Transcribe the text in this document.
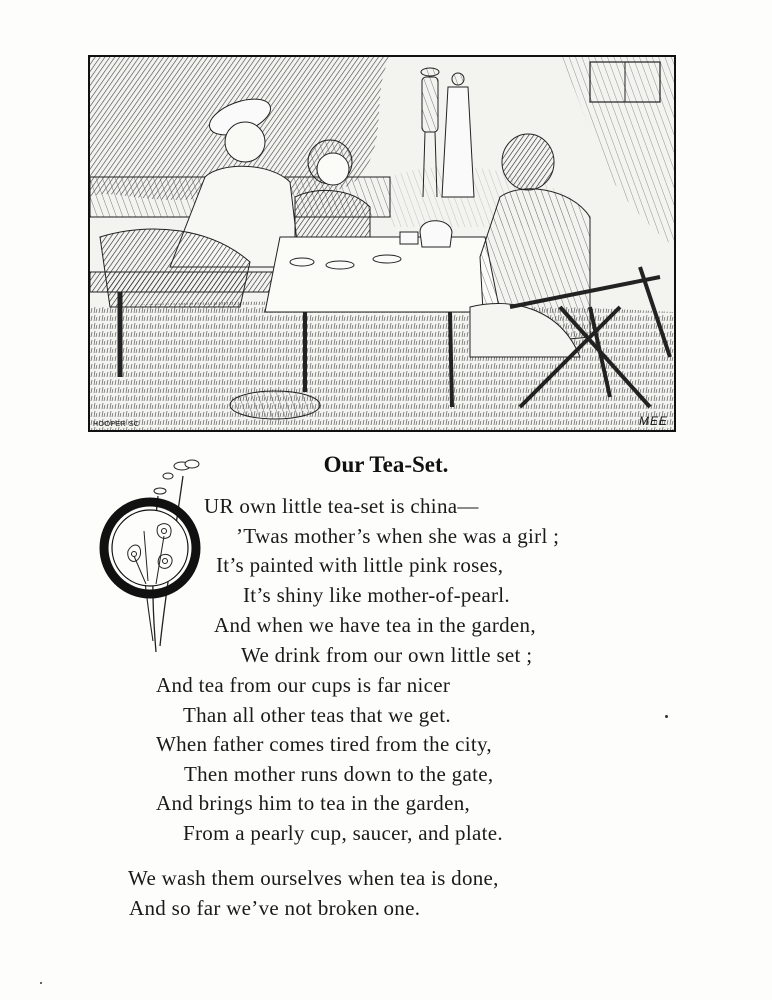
HOOPER SC	MEE
Our Tea-Set.
UR own little tea-set is china—
’Twas mother’s when she was a girl ;
It’s painted with little pink roses,
It’s shiny like mother-of-pearl.
And when we have tea in the garden,
We drink from our own little set ;
And tea from our cups is far nicer
Than all other teas that we get.
When father comes tired from the city,
Then mother runs down to the gate,
And brings him to tea in the garden,
From a pearly cup, saucer, and plate.
We wash them ourselves when tea is done,
And so far we’ve not broken one.
